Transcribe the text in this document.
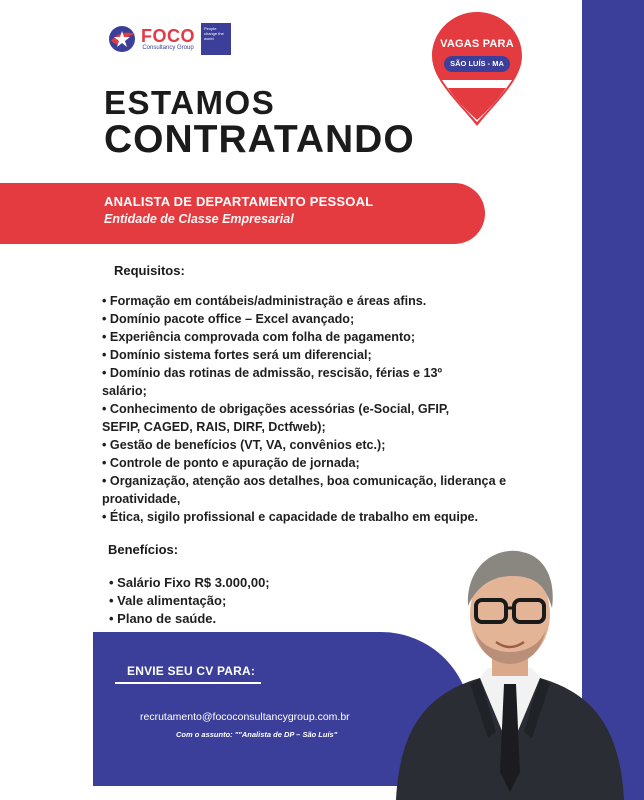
FOCO
Consultancy Group
People change the world	VAGAS PARA
SÃO LUÍS - MA
ESTAMOS
CONTRATANDO
ANALISTA DE DEPARTAMENTO PESSOAL
Entidade de Classe Empresarial
Requisitos:
• Formação em contábeis/administração e áreas afins.
• Domínio pacote office – Excel avançado;
• Experiência comprovada com folha de pagamento;
• Domínio sistema fortes será um diferencial;
• Domínio das rotinas de admissão, rescisão, férias e 13º salário;
• Conhecimento de obrigações acessórias (e-Social, GFIP, SEFIP, CAGED, RAIS, DIRF, Dctfweb);
• Gestão de benefícios (VT, VA, convênios etc.);
• Controle de ponto e apuração de jornada;
• Organização, atenção aos detalhes, boa comunicação, liderança e proatividade,
• Ética, sigilo profissional e capacidade de trabalho em equipe.
Benefícios:
• Salário Fixo R$ 3.000,00;
• Vale alimentação;
• Plano de saúde.
ENVIE SEU CV PARA:
recrutamento@fococonsultancygroup.com.br
Com o assunto: ""Analista de DP – São Luís"
